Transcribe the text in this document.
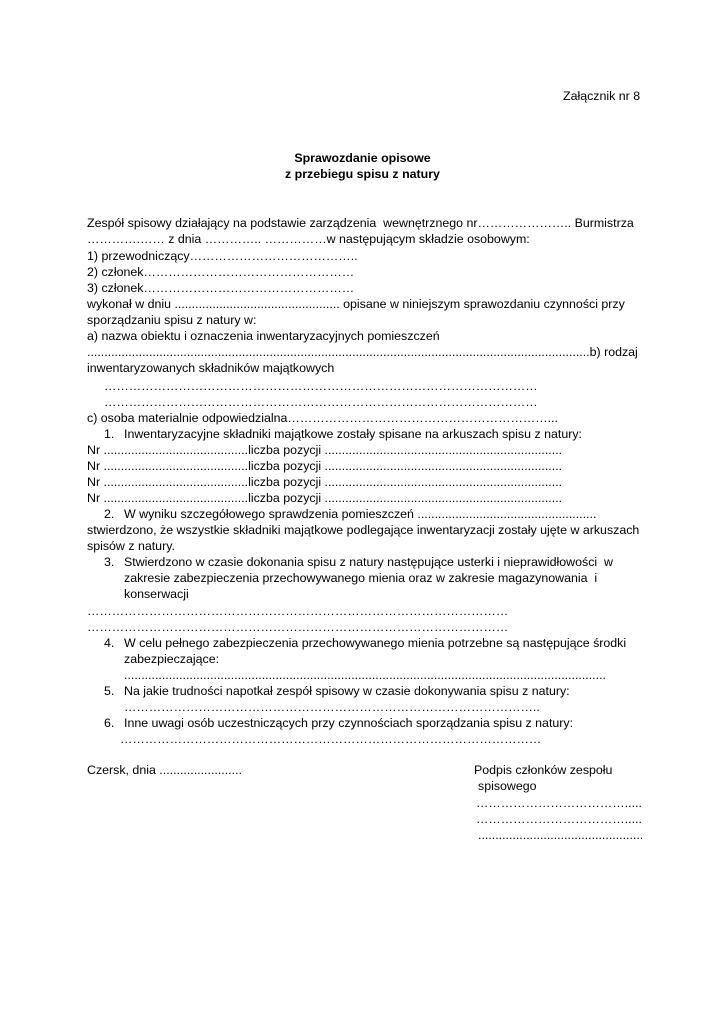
Załącznik nr 8

Sprawozdanie opisowe

z przebiegu spisu z natury

Zespół spisowy działający na podstawie zarządzenia  wewnętrznego nr………………….. Burmistrza

………….…… z dnia ………….. ……………w następującym składzie osobowym:

1) przewodniczący…………………………………..

2) członek……………………………………………

3) członek……………………………………………

wykonał w dniu ................................................ opisane w niniejszym sprawozdaniu czynności przy

sporządzaniu spisu z natury w:

a) nazwa obiektu i oznaczenia inwentaryzacyjnych pomieszczeń

..................................................................................................................................................b) rodzaj

inwentaryzowanych składników majątkowych

……………………………………………………………………………………………

……………………………………………………………………………………………

c) osoba materialnie odpowiedzialna………………………………………………………...

1. Inwentaryzacyjne składniki majątkowe zostały spisane na arkuszach spisu z natury:

Nr ..........................................liczba pozycji .....................................................................

Nr ..........................................liczba pozycji .....................................................................

Nr ..........................................liczba pozycji .....................................................................

Nr ..........................................liczba pozycji .....................................................................

2. W wyniku szczegółowego sprawdzenia pomieszczeń ....................................................

stwierdzono, że wszystkie składniki majątkowe podlegające inwentaryzacji zostały ujęte w arkuszach

spisów z natury.

3. Stwierdzono w czasie dokonania spisu z natury następujące usterki i nieprawidłowości  w

zakresie zabezpieczenia przechowywanego mienia oraz w zakresie magazynowania  i

konserwacji

…………………………………………………………………………………………

…………………………………………………………………………………………

4. W celu pełnego zabezpieczenia przechowywanego mienia potrzebne są następujące środki

zabezpieczające:

............................................................................................................................................

5. Na jakie trudności napotkał zespół spisowy w czasie dokonywania spisu z natury:

………………………………………………………………………………………..

6. Inne uwagi osób uczestniczących przy czynnościach sporządzania spisu z natury:

…………………………………………………………………………………………

Czersk, dnia ........................	Podpis członków zespołu

spisowego

……………………………….....

……………………………….....

................................................
